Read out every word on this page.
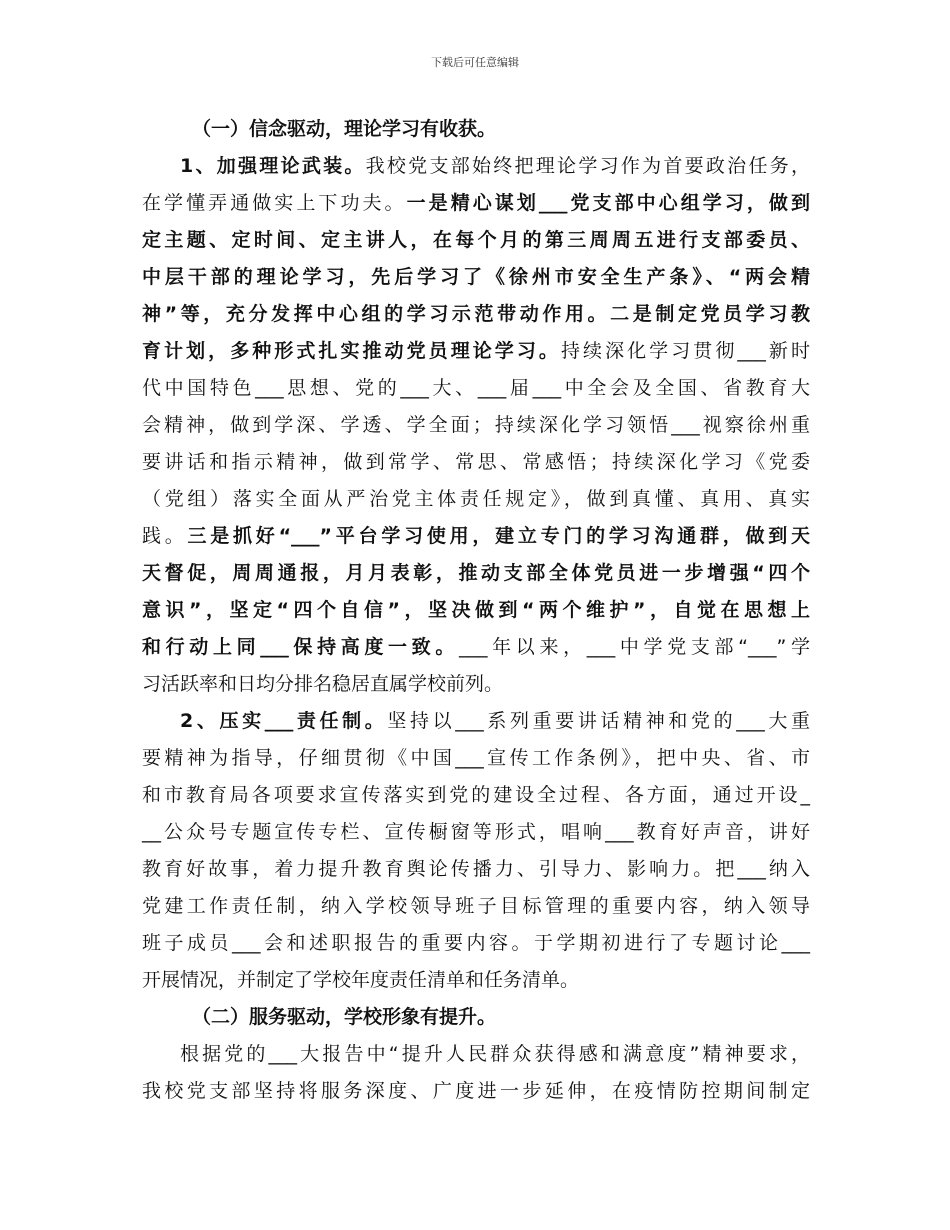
下载后可任意编辑
（一）信念驱动，理论学习有收获。
1、加强理论武装。我校党支部始终把理论学习作为首要政治任务，
在学懂弄通做实上下功夫。一是精心谋划___党支部中心组学习，做到
定主题、定时间、定主讲人，在每个月的第三周周五进行支部委员、
中层干部的理论学习，先后学习了《徐州市安全生产条》、“两会精
神”等，充分发挥中心组的学习示范带动作用。二是制定党员学习教
育计划，多种形式扎实推动党员理论学习。持续深化学习贯彻___新时
代中国特色___思想、党的___大、___届___中全会及全国、省教育大
会精神，做到学深、学透、学全面；持续深化学习领悟___视察徐州重
要讲话和指示精神，做到常学、常思、常感悟；持续深化学习《党委
（党组）落实全面从严治党主体责任规定》，做到真懂、真用、真实
践。三是抓好“___”平台学习使用，建立专门的学习沟通群，做到天
天督促，周周通报，月月表彰，推动支部全体党员进一步增强“四个
意识”，坚定“四个自信”，坚决做到“两个维护”，自觉在思想上
和行动上同___保持高度一致。___年以来，___中学党支部“___”学
习活跃率和日均分排名稳居直属学校前列。
2、压实___责任制。坚持以___系列重要讲话精神和党的___大重
要精神为指导，仔细贯彻《中国___宣传工作条例》，把中央、省、市
和市教育局各项要求宣传落实到党的建设全过程、各方面，通过开设_
__公众号专题宣传专栏、宣传橱窗等形式，唱响___教育好声音，讲好
教育好故事，着力提升教育舆论传播力、引导力、影响力。把___纳入
党建工作责任制，纳入学校领导班子目标管理的重要内容，纳入领导
班子成员___会和述职报告的重要内容。于学期初进行了专题讨论___
开展情况，并制定了学校年度责任清单和任务清单。
（二）服务驱动，学校形象有提升。
根据党的___大报告中“提升人民群众获得感和满意度”精神要求，
我校党支部坚持将服务深度、广度进一步延伸，在疫情防控期间制定
